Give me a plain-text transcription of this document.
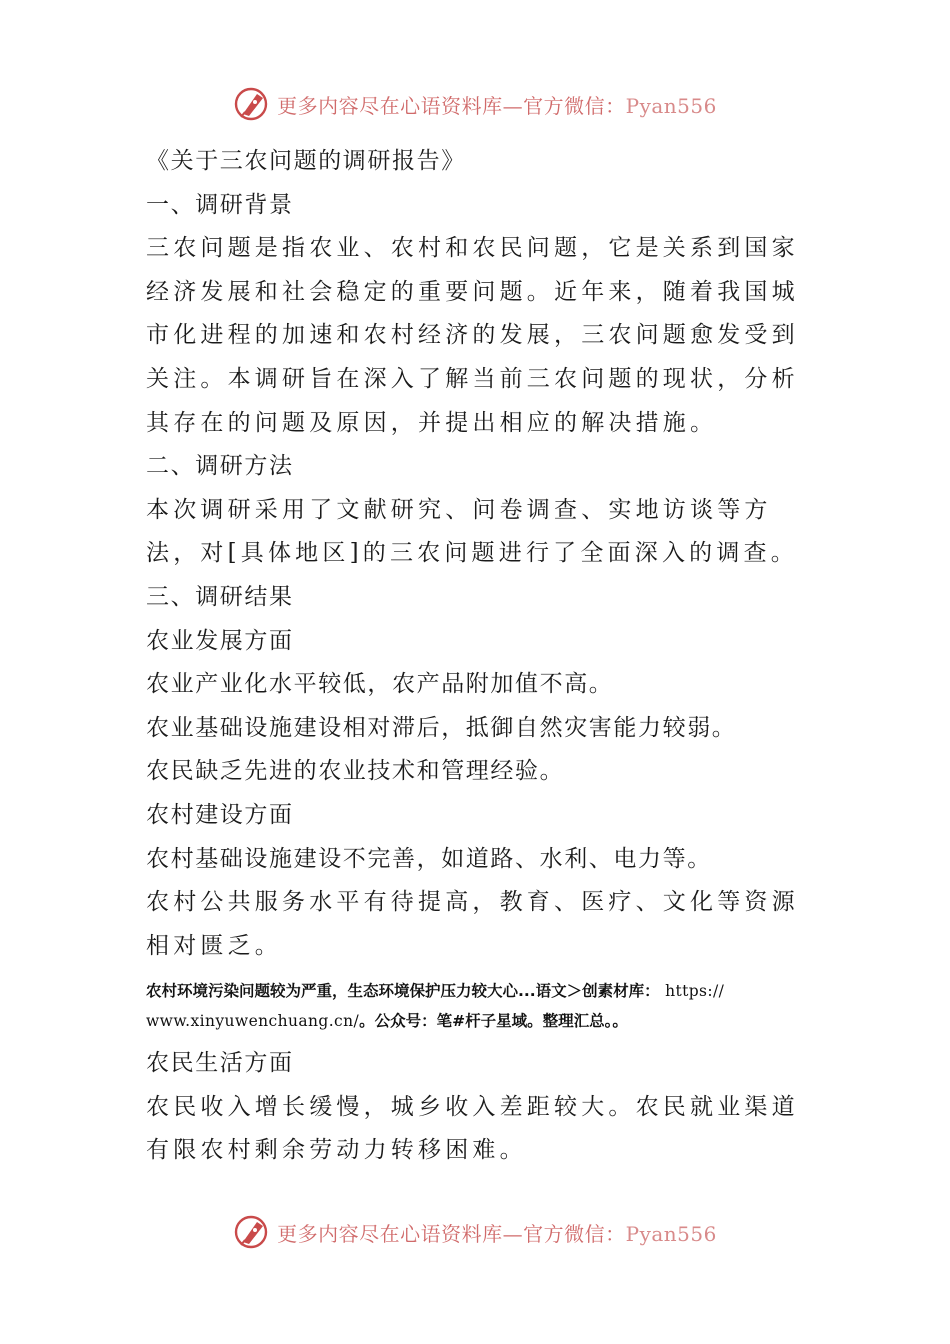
更多内容尽在心语资料库—官方微信：Pyan556

《关于三农问题的调研报告》

一、调研背景

三农问题是指农业、农村和农民问题，它是关系到国家经济发展和社会稳定的重要问题。近年来，随着我国城市化进程的加速和农村经济的发展，三农问题愈发受到关注。本调研旨在深入了解当前三农问题的现状，分析其存在的问题及原因，并提出相应的解决措施。

二、调研方法

本次调研采用了文献研究、问卷调查、实地访谈等方法，对[具体地区]的三农问题进行了全面深入的调查。

三、调研结果

农业发展方面

农业产业化水平较低，农产品附加值不高。

农业基础设施建设相对滞后，抵御自然灾害能力较弱。

农民缺乏先进的农业技术和管理经验。

农村建设方面

农村基础设施建设不完善，如道路、水利、电力等。

农村公共服务水平有待提高，教育、医疗、文化等资源相对匮乏。

农村环境污染问题较为严重，生态环境保护压力较大心...语文＞创素材库： https://
www.xinyuwenchuang.cn/。公众号：笔#杆子星域。整理汇总。。

农民生活方面

农民收入增长缓慢，城乡收入差距较大。农民就业渠道有限农村剩余劳动力转移困难。

更多内容尽在心语资料库—官方微信：Pyan556
